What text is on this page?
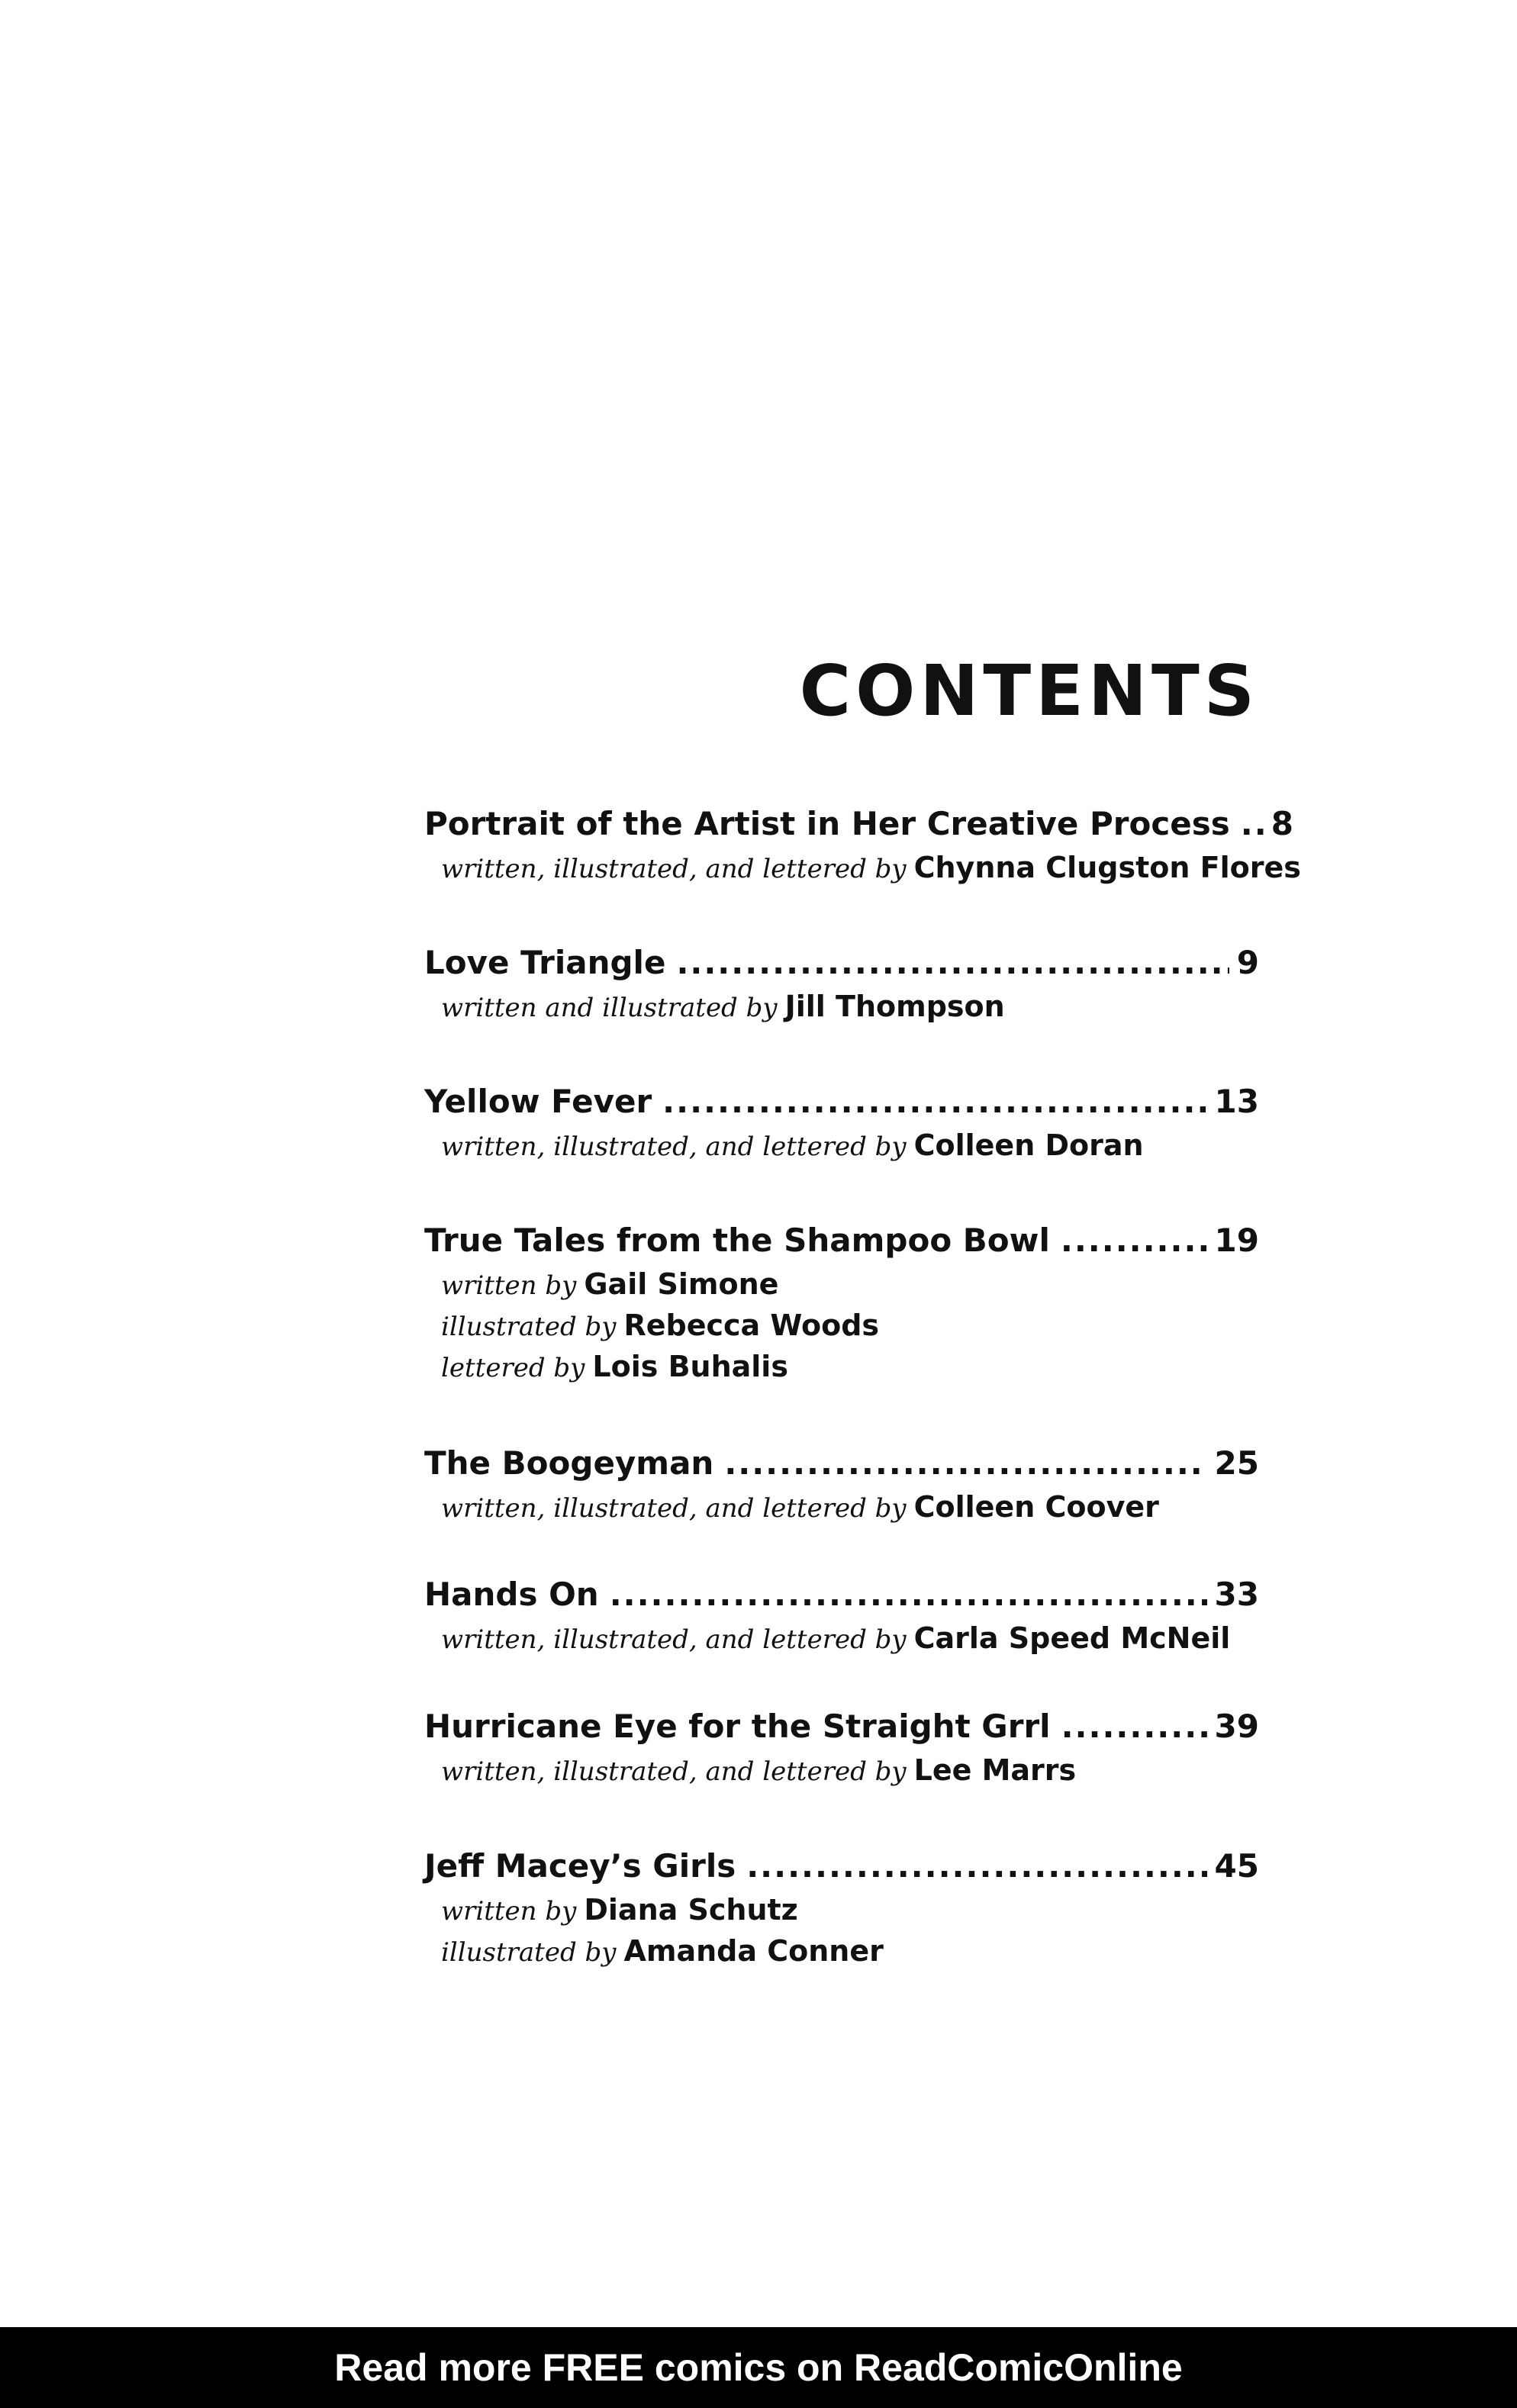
CONTENTS
Portrait of the Artist in Her Creative Process ..... 8
written, illustrated, and lettered by Chynna Clugston Flores
Love Triangle .....	9
written and illustrated by Jill Thompson
Yellow Fever .....	13
written, illustrated, and lettered by Colleen Doran
True Tales from the Shampoo Bowl .....	19
written by Gail Simone
illustrated by Rebecca Woods
lettered by Lois Buhalis
The Boogeyman .....	25
written, illustrated, and lettered by Colleen Coover
Hands On .....	33
written, illustrated, and lettered by Carla Speed McNeil
Hurricane Eye for the Straight Grrl .....	39
written, illustrated, and lettered by Lee Marrs
Jeff Macey’s Girls .....	45
written by Diana Schutz
illustrated by Amanda Conner
Read more FREE comics on ReadComicOnline
